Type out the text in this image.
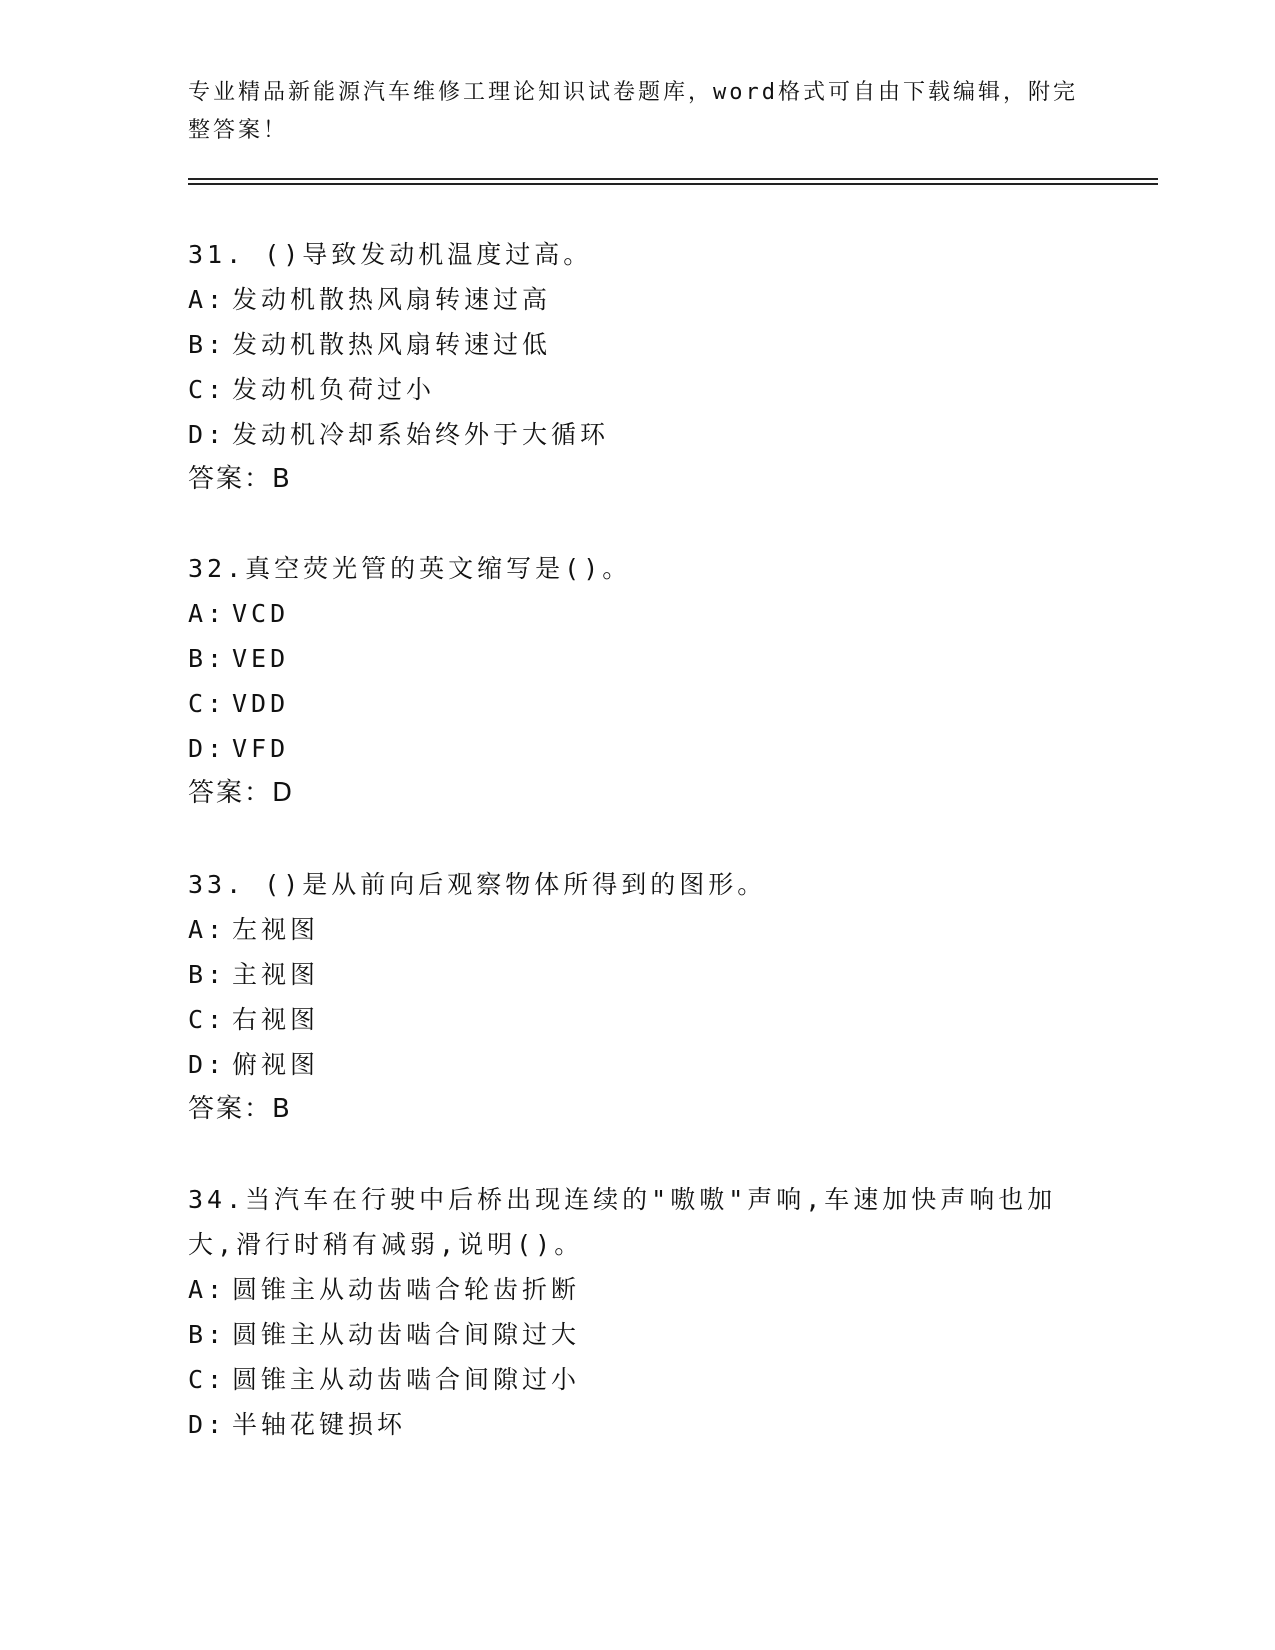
专业精品新能源汽车维修工理论知识试卷题库，word格式可自由下载编辑，附完整答案！
31. ()导致发动机温度过高。
A: 发动机散热风扇转速过高
B: 发动机散热风扇转速过低
C: 发动机负荷过小
D: 发动机冷却系始终外于大循环
答案：B
32.真空荧光管的英文缩写是()。
A: VCD
B: VED
C: VDD
D: VFD
答案：D
33. ()是从前向后观察物体所得到的图形。
A: 左视图
B: 主视图
C: 右视图
D: 俯视图
答案：B
34.当汽车在行驶中后桥出现连续的"嗷嗷"声响,车速加快声响也加大,滑行时稍有减弱,说明()。
A: 圆锥主从动齿啮合轮齿折断
B: 圆锥主从动齿啮合间隙过大
C: 圆锥主从动齿啮合间隙过小
D: 半轴花键损坏
